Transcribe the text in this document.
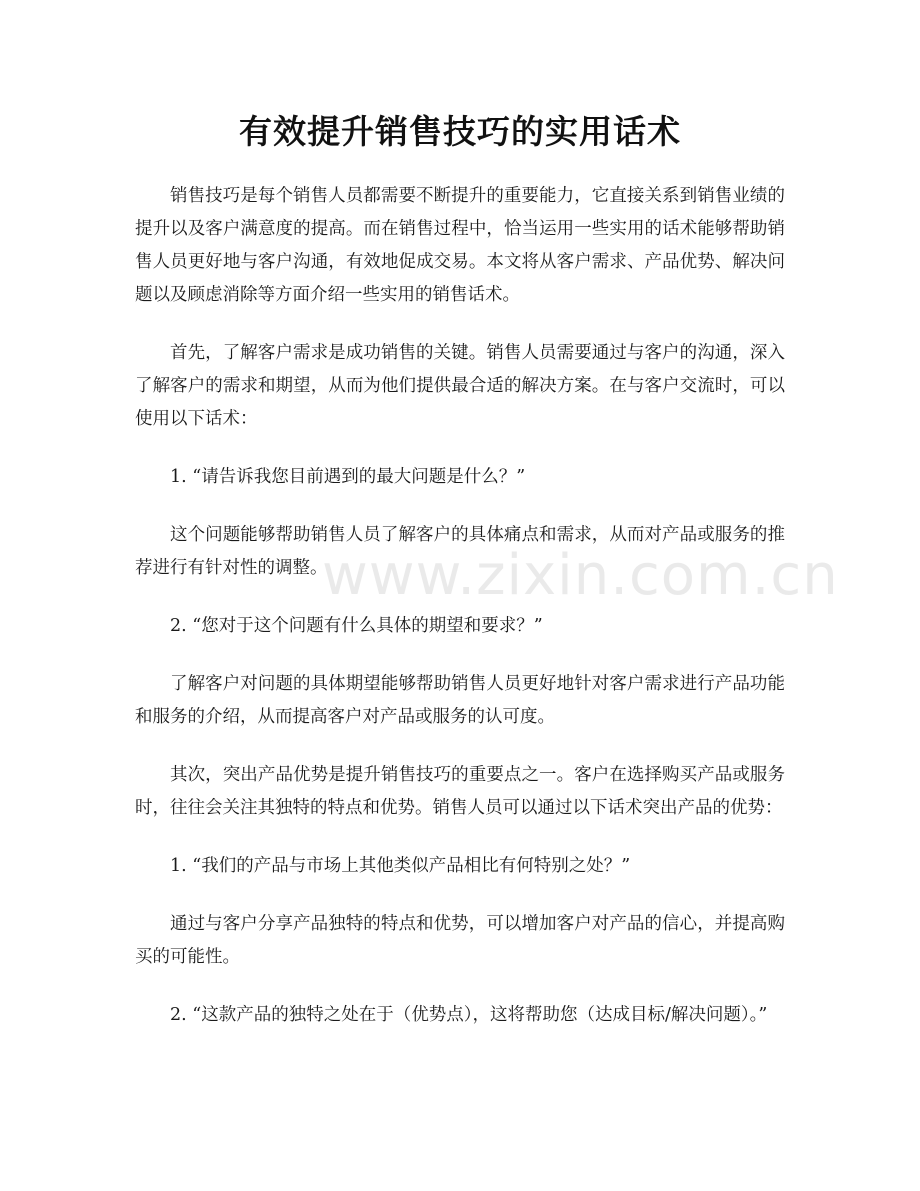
有效提升销售技巧的实用话术

销售技巧是每个销售人员都需要不断提升的重要能力，它直接关系到销售业绩的提升以及客户满意度的提高。而在销售过程中，恰当运用一些实用的话术能够帮助销售人员更好地与客户沟通，有效地促成交易。本文将从客户需求、产品优势、解决问题以及顾虑消除等方面介绍一些实用的销售话术。

首先，了解客户需求是成功销售的关键。销售人员需要通过与客户的沟通，深入了解客户的需求和期望，从而为他们提供最合适的解决方案。在与客户交流时，可以使用以下话术：

1. “请告诉我您目前遇到的最大问题是什么？”

这个问题能够帮助销售人员了解客户的具体痛点和需求，从而对产品或服务的推荐进行有针对性的调整。

2. “您对于这个问题有什么具体的期望和要求？”

了解客户对问题的具体期望能够帮助销售人员更好地针对客户需求进行产品功能和服务的介绍，从而提高客户对产品或服务的认可度。

其次，突出产品优势是提升销售技巧的重要点之一。客户在选择购买产品或服务时，往往会关注其独特的特点和优势。销售人员可以通过以下话术突出产品的优势：

1. “我们的产品与市场上其他类似产品相比有何特别之处？”

通过与客户分享产品独特的特点和优势，可以增加客户对产品的信心，并提高购买的可能性。

2. “这款产品的独特之处在于（优势点），这将帮助您（达成目标/解决问题）。”

www.zixin.com.cn
